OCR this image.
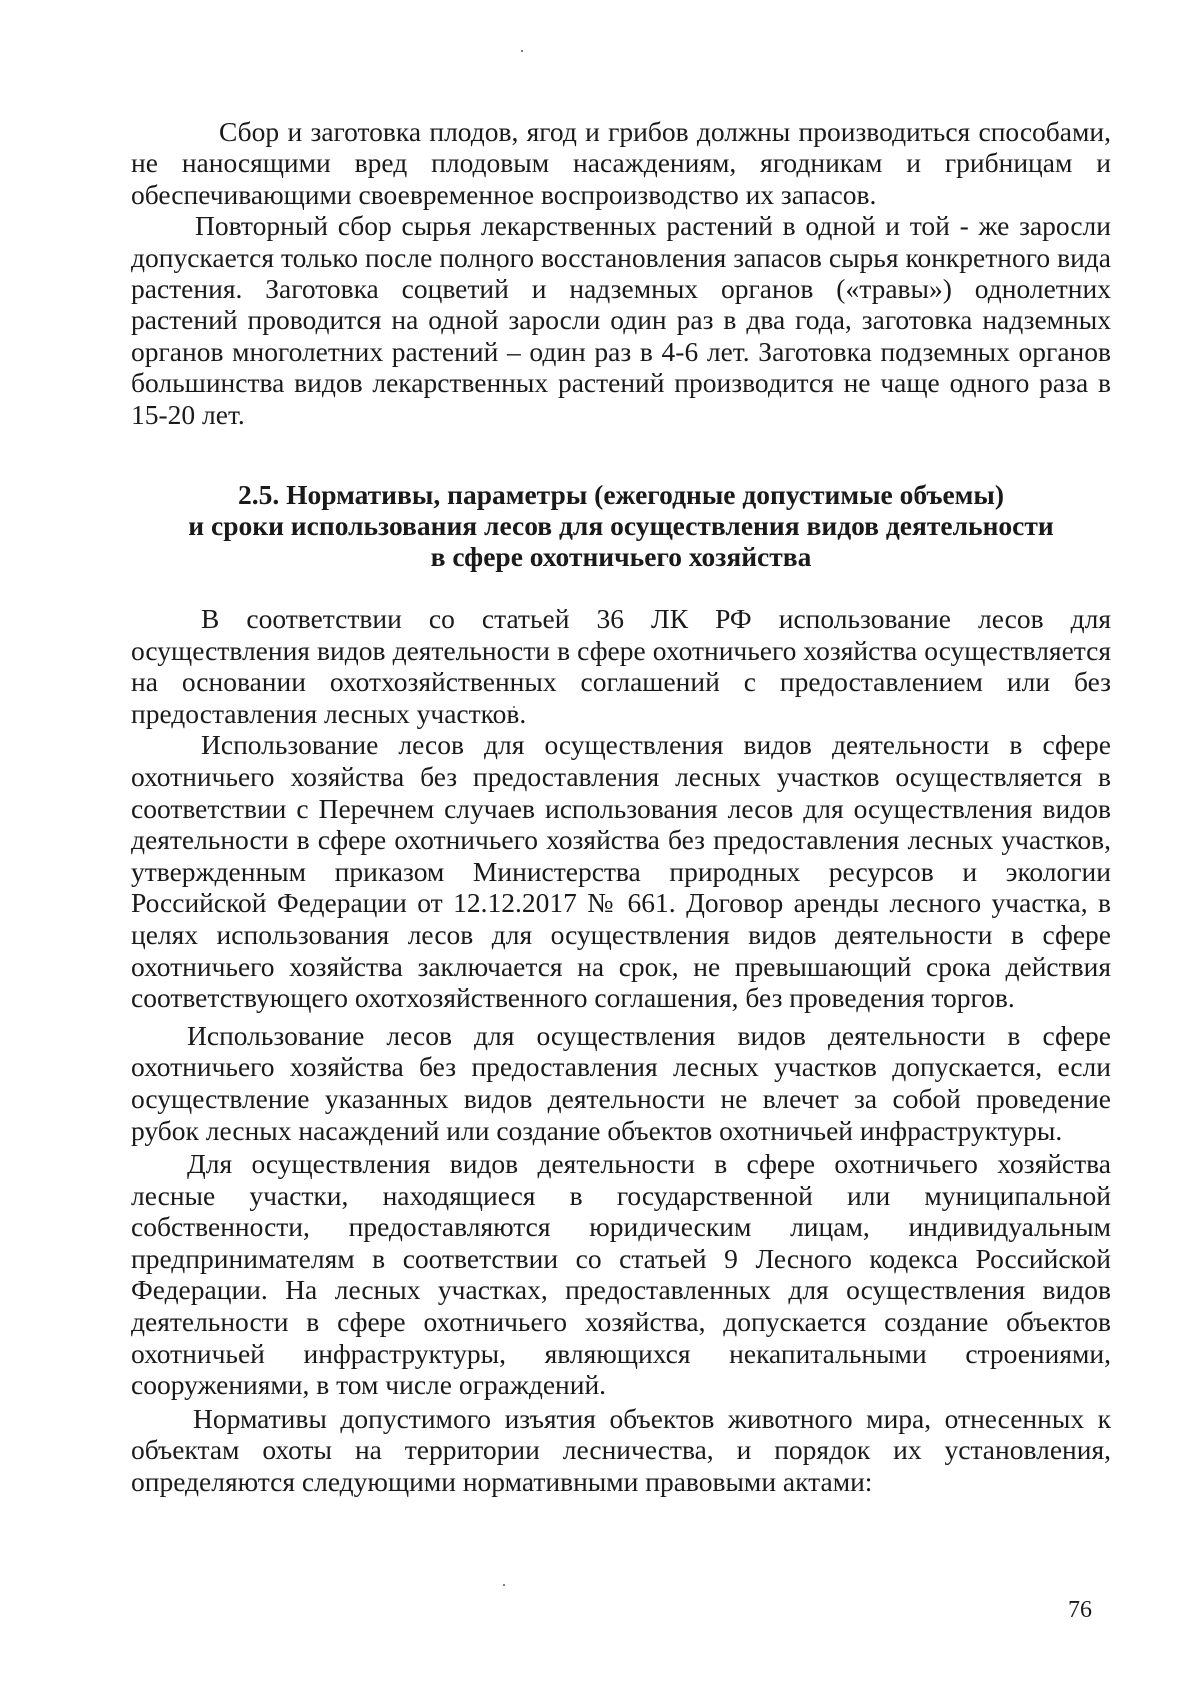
Сбор и заготовка плодов, ягод и грибов должны производиться способами, не наносящими вред плодовым насаждениям, ягодникам и грибницам и обеспечивающими своевременное воспроизводство их запасов.

Повторный сбор сырья лекарственных растений в одной и той - же заросли допускается только после полного восстановления запасов сырья конкретного вида растения. Заготовка соцветий и надземных органов («травы») однолетних растений проводится на одной заросли один раз в два года, заготовка надземных органов многолетних растений – один раз в 4-6 лет. Заготовка подземных органов большинства видов лекарственных растений производится не чаще одного раза в 15-20 лет.

2.5. Нормативы, параметры (ежегодные допустимые объемы)
и сроки использования лесов для осуществления видов деятельности
в сфере охотничьего хозяйства

В соответствии со статьей 36 ЛК РФ использование лесов для осуществления видов деятельности в сфере охотничьего хозяйства осуществляется на основании охотхозяйственных соглашений с предоставлением или без предоставления лесных участков.

Использование лесов для осуществления видов деятельности в сфере охотничьего хозяйства без предоставления лесных участков осуществляется в соответствии с Перечнем случаев использования лесов для осуществления видов деятельности в сфере охотничьего хозяйства без предоставления лесных участков, утвержденным приказом Министерства природных ресурсов и экологии Российской Федерации от 12.12.2017 № 661. Договор аренды лесного участка, в целях использования лесов для осуществления видов деятельности в сфере охотничьего хозяйства заключается на срок, не превышающий срока действия соответствующего охотхозяйственного соглашения, без проведения торгов.

Использование лесов для осуществления видов деятельности в сфере охотничьего хозяйства без предоставления лесных участков допускается, если осуществление указанных видов деятельности не влечет за собой проведение рубок лесных насаждений или создание объектов охотничьей инфраструктуры.

Для осуществления видов деятельности в сфере охотничьего хозяйства лесные участки, находящиеся в государственной или муниципальной собственности, предоставляются юридическим лицам, индивидуальным предпринимателям в соответствии со статьей 9 Лесного кодекса Российской Федерации. На лесных участках, предоставленных для осуществления видов деятельности в сфере охотничьего хозяйства, допускается создание объектов охотничьей инфраструктуры, являющихся некапитальными строениями, сооружениями, в том числе ограждений.

Нормативы допустимого изъятия объектов животного мира, отнесенных к объектам охоты на территории лесничества, и порядок их установления, определяются следующими нормативными правовыми актами:

76
